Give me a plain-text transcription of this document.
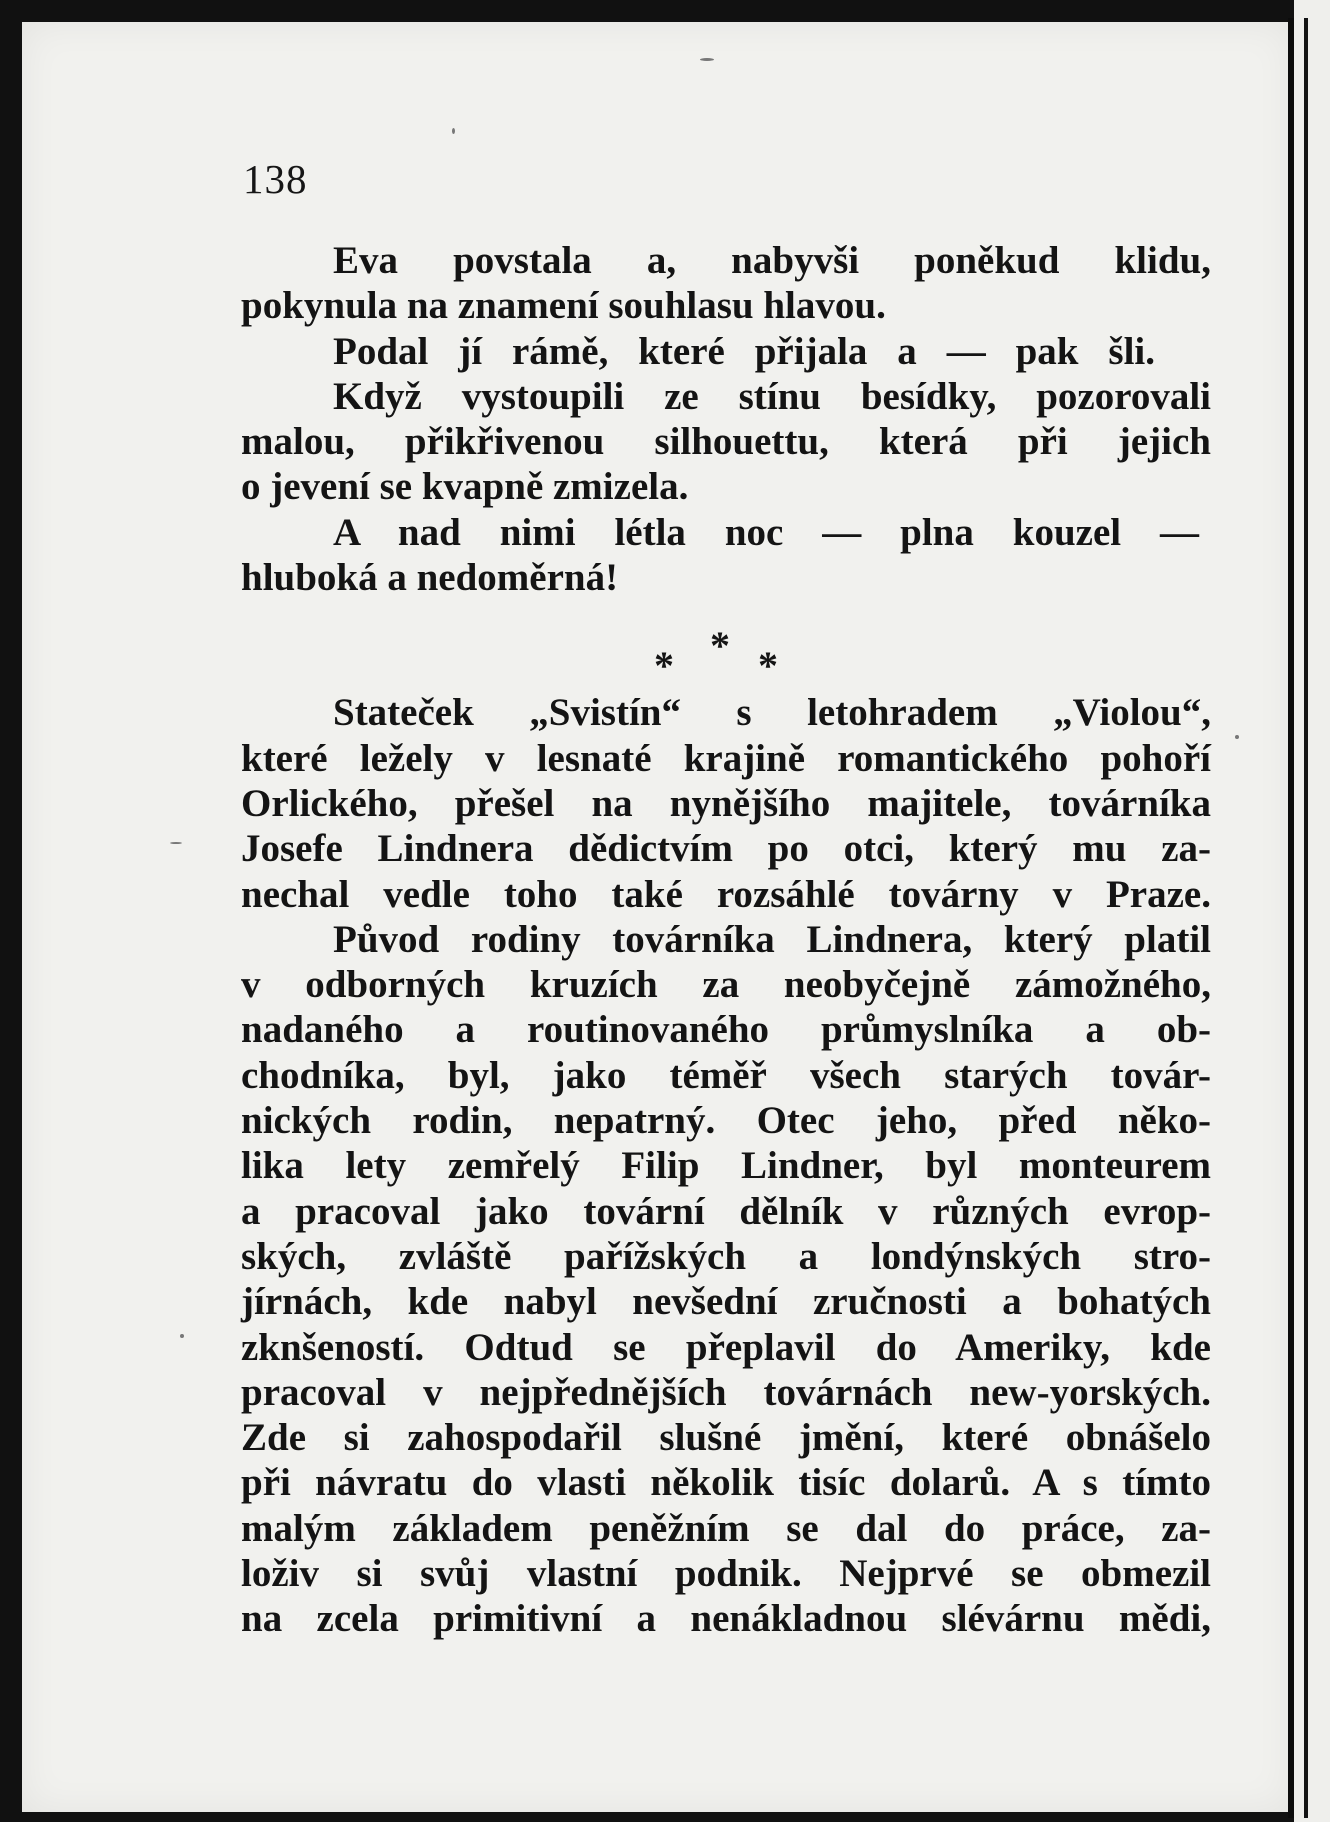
138
Eva povstala a, nabyvši poněkud klidu,
pokynula na znamení souhlasu hlavou.
Podal jí rámě, které přijala a — pak šli.
Když vystoupili ze stínu besídky, pozorovali
malou, přikřivenou silhouettu, která při jejich
o jevení se kvapně zmizela.
A nad nimi létla noc — plna kouzel —
hluboká a nedoměrná!
Stateček „Svistín“ s letohradem „Violou“,
které ležely v lesnaté krajině romantického pohoří
Orlického, přešel na nynějšího majitele, továrníka
Josefe Lindnera dědictvím po otci, který mu za-
nechal vedle toho také rozsáhlé továrny v Praze.
Původ rodiny továrníka Lindnera, který platil
v odborných kruzích za neobyčejně zámožného,
nadaného a routinovaného průmyslníka a ob-
chodníka, byl, jako téměř všech starých továr-
nických rodin, nepatrný. Otec jeho, před něko-
lika lety zemřelý Filip Lindner, byl monteurem
a pracoval jako tovární dělník v různých evrop-
ských, zvláště pařížských a londýnských stro-
jírnách, kde nabyl nevšední zručnosti a bohatých
zknšeností. Odtud se přeplavil do Ameriky, kde
pracoval v nejpřednějších továrnách new-yorských.
Zde si zahospodařil slušné jmění, které obnášelo
při návratu do vlasti několik tisíc dolarů. A s tímto
malým základem peněžním se dal do práce, za-
loživ si svůj vlastní podnik. Nejprvé se obmezil
na zcela primitivní a nenákladnou slévárnu mědi,
* * *
